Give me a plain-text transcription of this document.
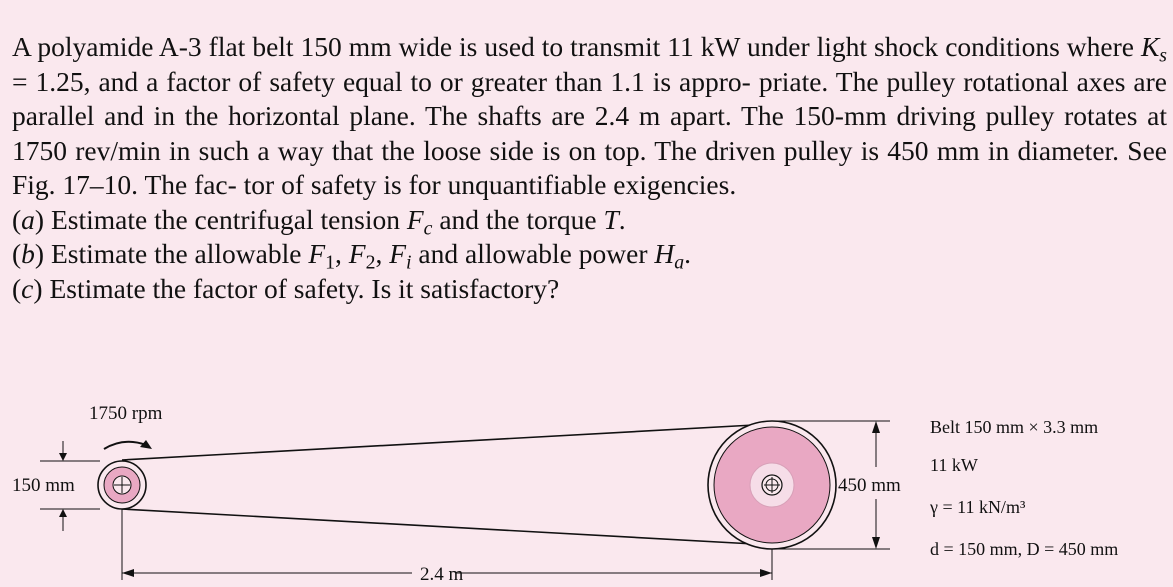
A polyamide A-3 flat belt 150 mm wide is used to transmit 11 kW under light shock conditions where $K_s = 1.25$, and a factor of safety equal to or greater than 1.1 is appro- priate. The pulley rotational axes are parallel and in the horizontal plane. The shafts are 2.4 m apart. The 150-mm driving pulley rotates at 1750 rev/min in such a way that the loose side is on top. The driven pulley is 450 mm in diameter. See Fig. 17–10. The fac- tor of safety is for unquantifiable exigencies.

(a) Estimate the centrifugal tension $F_c$ and the torque T.

(b) Estimate the allowable $F_1$, $F_2$, $F_i$ and allowable power $H_a$.

(c) Estimate the factor of safety. Is it satisfactory?

1750 rpm
150 mm
2.4 m
450 mm
Belt 150 mm × 3.3 mm
11 kW
γ = 11 kN/m³
d = 150 mm, D = 450 mm
